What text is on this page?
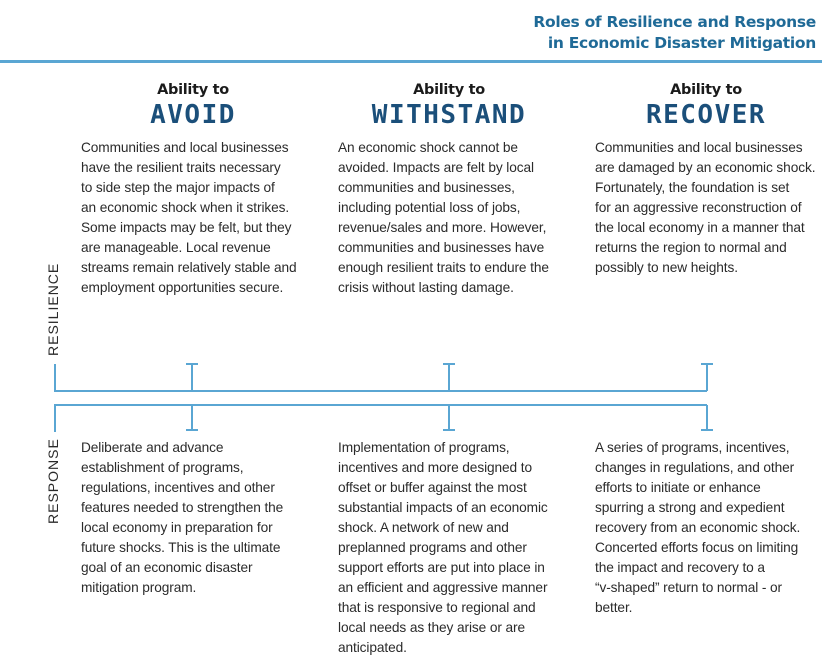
Roles of Resilience and Response
in Economic Disaster Mitigation
Ability to
AVOID
Ability to
WITHSTAND
Ability to
RECOVER
Communities and local businesses
have the resilient traits necessary
to side step the major impacts of
an economic shock when it strikes.
Some impacts may be felt, but they
are manageable. Local revenue
streams remain relatively stable and
employment opportunities secure.
An economic shock cannot be
avoided. Impacts are felt by local
communities and businesses,
including potential loss of jobs,
revenue/sales and more. However,
communities and businesses have
enough resilient traits to endure the
crisis without lasting damage.
Communities and local businesses
are damaged by an economic shock.
Fortunately, the foundation is set
for an aggressive reconstruction of
the local economy in a manner that
returns the region to normal and
possibly to new heights.
Deliberate and advance
establishment of programs,
regulations, incentives and other
features needed to strengthen the
local economy in preparation for
future shocks. This is the ultimate
goal of an economic disaster
mitigation program.
Implementation of programs,
incentives and more designed to
offset or buffer against the most
substantial impacts of an economic
shock. A network of new and
preplanned programs and other
support efforts are put into place in
an efficient and aggressive manner
that is responsive to regional and
local needs as they arise or are
anticipated.
A series of programs, incentives,
changes in regulations, and other
efforts to initiate or enhance
spurring a strong and expedient
recovery from an economic shock.
Concerted efforts focus on limiting
the impact and recovery to a
“v-shaped” return to normal - or
better.
RESILIENCE
RESPONSE
